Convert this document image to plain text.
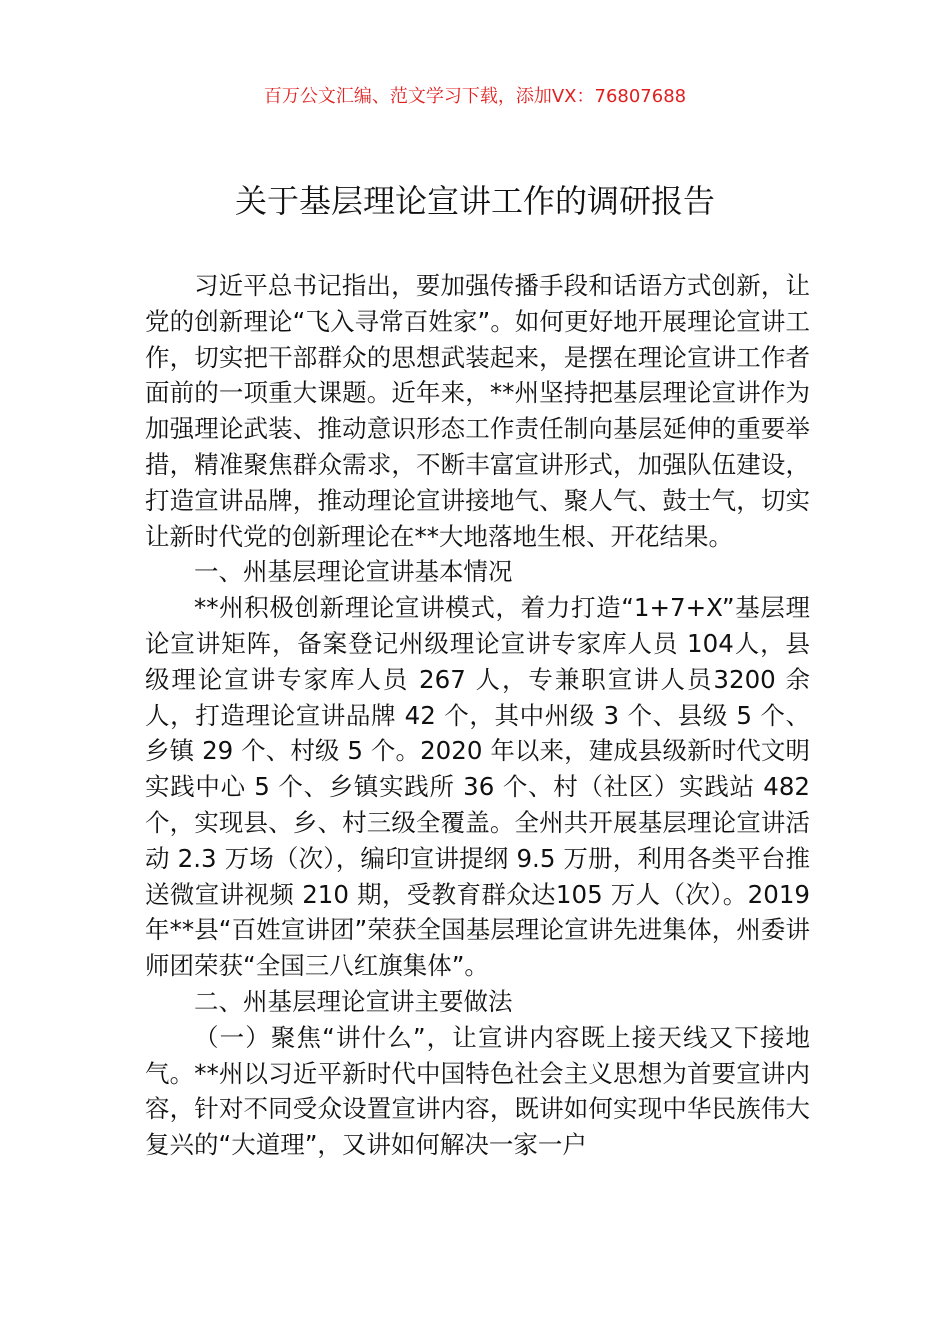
百万公文汇编、范文学习下载，添加VX：76807688
关于基层理论宣讲工作的调研报告

习近平总书记指出，要加强传播手段和话语方式创新，让党的创新理论“飞入寻常百姓家”。如何更好地开展理论宣讲工作，切实把干部群众的思想武装起来，是摆在理论宣讲工作者面前的一项重大课题。近年来，**州坚持把基层理论宣讲作为加强理论武装、推动意识形态工作责任制向基层延伸的重要举措，精准聚焦群众需求，不断丰富宣讲形式，加强队伍建设，打造宣讲品牌，推动理论宣讲接地气、聚人气、鼓士气，切实让新时代党的创新理论在**大地落地生根、开花结果。

一、州基层理论宣讲基本情况

**州积极创新理论宣讲模式，着力打造“1+7+X”基层理论宣讲矩阵，备案登记州级理论宣讲专家库人员 104人，县级理论宣讲专家库人员 267 人，专兼职宣讲人员3200 余人，打造理论宣讲品牌 42 个，其中州级 3 个、县级 5 个、乡镇 29 个、村级 5 个。2020 年以来，建成县级新时代文明实践中心 5 个、乡镇实践所 36 个、村（社区）实践站 482 个，实现县、乡、村三级全覆盖。全州共开展基层理论宣讲活动 2.3 万场（次），编印宣讲提纲 9.5 万册，利用各类平台推送微宣讲视频 210 期，受教育群众达105 万人（次）。2019 年**县“百姓宣讲团”荣获全国基层理论宣讲先进集体，州委讲师团荣获“全国三八红旗集体”。

二、州基层理论宣讲主要做法

（一）聚焦“讲什么”，让宣讲内容既上接天线又下接地气。**州以习近平新时代中国特色社会主义思想为首要宣讲内容，针对不同受众设置宣讲内容，既讲如何实现中华民族伟大复兴的“大道理”，又讲如何解决一家一户
